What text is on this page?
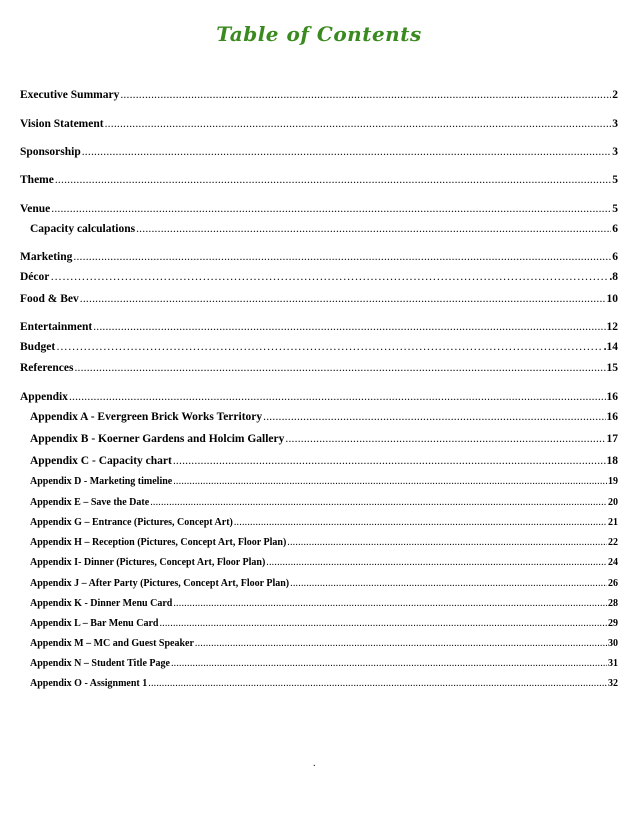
Table of Contents
Executive Summary .....	2
Vision Statement .....	3
Sponsorship .....	3
Theme .....	5
Venue .....	5
Capacity calculations .....	6
Marketing .....	6
Décor ………………………………………………………………………………………………………………………………………………………………………………………………	.8
Food & Bev .....	10
Entertainment .....	12
Budget ………………………………………………………………………………………………………………………………………………………………………………………………	.14
References .....	15
Appendix .....	16
Appendix A - Evergreen Brick Works Territory .....	16
Appendix B - Koerner Gardens and Holcim Gallery .....	17
Appendix C - Capacity chart .....	18
Appendix D - Marketing timeline .....	19
Appendix E – Save the Date .....	20
Appendix G – Entrance (Pictures, Concept Art) .....	21
Appendix H – Reception (Pictures, Concept Art, Floor Plan) .....	22
Appendix I- Dinner (Pictures, Concept Art, Floor Plan) .....	24
Appendix J – After Party (Pictures, Concept Art, Floor Plan) .....	26
Appendix K - Dinner Menu Card .....	28
Appendix L – Bar Menu Card .....	29
Appendix M – MC and Guest Speaker .....	30
Appendix N – Student Title Page .....	31
Appendix O - Assignment 1 .....	32
.
